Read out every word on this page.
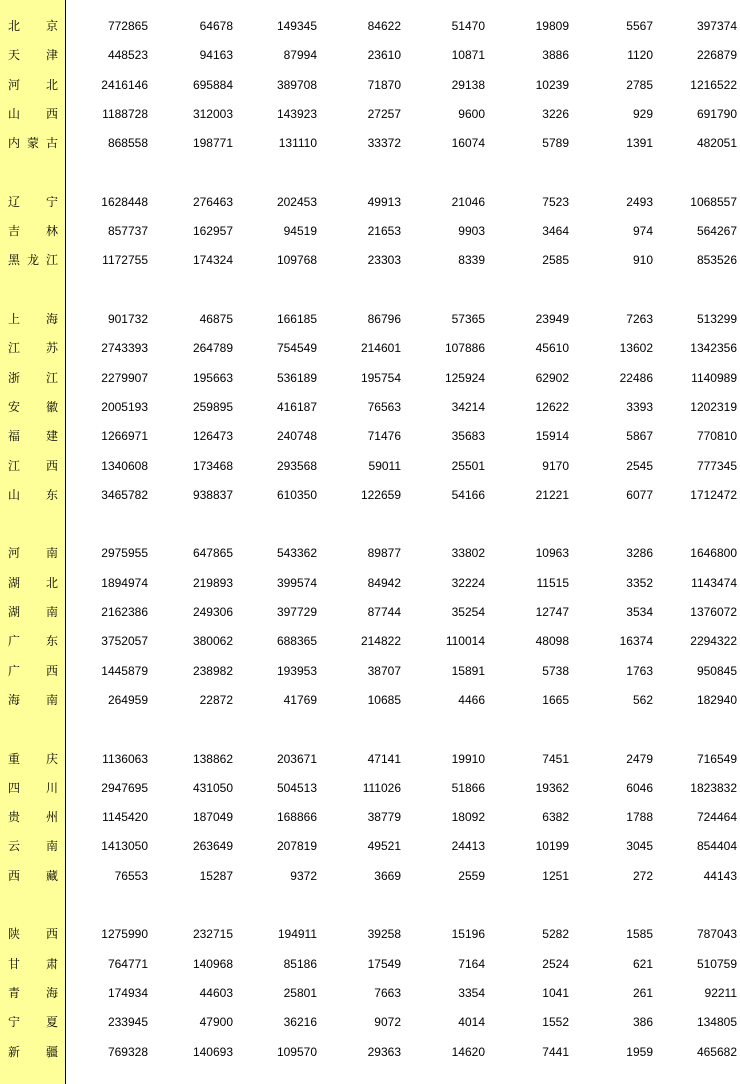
北	京	772865	64678	149345	84622	51470	19809	5567	397374
天	津	448523	94163	87994	23610	10871	3886	1120	226879
河	北	2416146	695884	389708	71870	29138	10239	2785	1216522
山	西	1188728	312003	143923	27257	9600	3226	929	691790
内 蒙 古	868558	198771	131110	33372	16074	5789	1391	482051
辽	宁	1628448	276463	202453	49913	21046	7523	2493	1068557
吉	林	857737	162957	94519	21653	9903	3464	974	564267
黑 龙 江	1172755	174324	109768	23303	8339	2585	910	853526
上	海	901732	46875	166185	86796	57365	23949	7263	513299
江	苏	2743393	264789	754549	214601	107886	45610	13602	1342356
浙	江	2279907	195663	536189	195754	125924	62902	22486	1140989
安	徽	2005193	259895	416187	76563	34214	12622	3393	1202319
福	建	1266971	126473	240748	71476	35683	15914	5867	770810
江	西	1340608	173468	293568	59011	25501	9170	2545	777345
山	东	3465782	938837	610350	122659	54166	21221	6077	1712472
河	南	2975955	647865	543362	89877	33802	10963	3286	1646800
湖	北	1894974	219893	399574	84942	32224	11515	3352	1143474
湖	南	2162386	249306	397729	87744	35254	12747	3534	1376072
广	东	3752057	380062	688365	214822	110014	48098	16374	2294322
广	西	1445879	238982	193953	38707	15891	5738	1763	950845
海	南	264959	22872	41769	10685	4466	1665	562	182940
重	庆	1136063	138862	203671	47141	19910	7451	2479	716549
四	川	2947695	431050	504513	111026	51866	19362	6046	1823832
贵	州	1145420	187049	168866	38779	18092	6382	1788	724464
云	南	1413050	263649	207819	49521	24413	10199	3045	854404
西	藏	76553	15287	9372	3669	2559	1251	272	44143
陕	西	1275990	232715	194911	39258	15196	5282	1585	787043
甘	肃	764771	140968	85186	17549	7164	2524	621	510759
青	海	174934	44603	25801	7663	3354	1041	261	92211
宁	夏	233945	47900	36216	9072	4014	1552	386	134805
新	疆	769328	140693	109570	29363	14620	7441	1959	465682
